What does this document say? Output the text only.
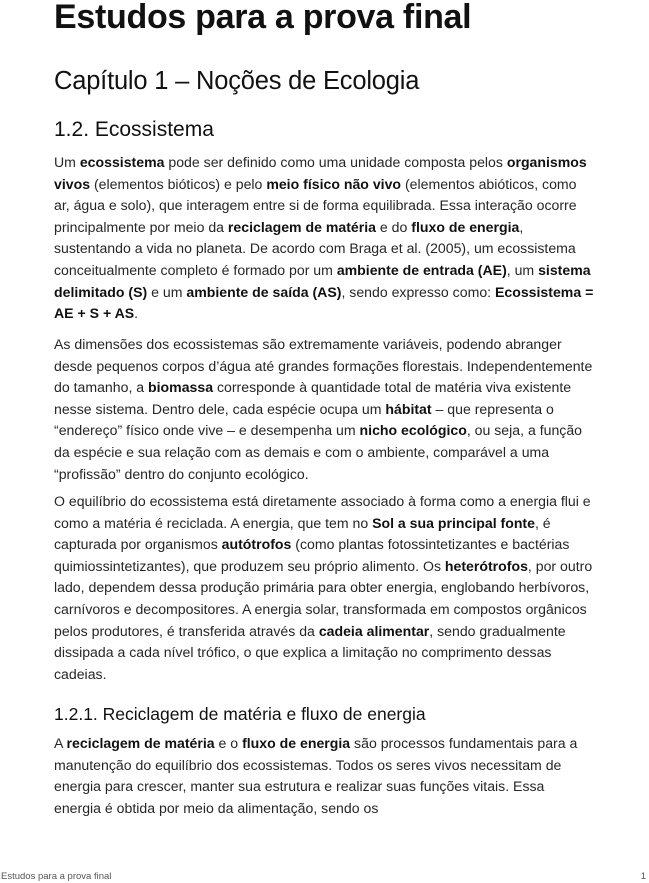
Estudos para a prova final
Capítulo 1 – Noções de Ecologia
1.2. Ecossistema

Um ecossistema pode ser definido como uma unidade composta pelos organismos vivos (elementos bióticos) e pelo meio físico não vivo (elementos abióticos, como ar, água e solo), que interagem entre si de forma equilibrada. Essa interação ocorre principalmente por meio da reciclagem de matéria e do fluxo de energia, sustentando a vida no planeta. De acordo com Braga et al. (2005), um ecossistema conceitualmente completo é formado por um ambiente de entrada (AE), um sistema delimitado (S) e um ambiente de saída (AS), sendo expresso como: Ecossistema = AE + S + AS.

As dimensões dos ecossistemas são extremamente variáveis, podendo abranger desde pequenos corpos d’água até grandes formações florestais. Independentemente do tamanho, a biomassa corresponde à quantidade total de matéria viva existente nesse sistema. Dentro dele, cada espécie ocupa um hábitat – que representa o “endereço” físico onde vive – e desempenha um nicho ecológico, ou seja, a função da espécie e sua relação com as demais e com o ambiente, comparável a uma “profissão” dentro do conjunto ecológico.

O equilíbrio do ecossistema está diretamente associado à forma como a energia flui e como a matéria é reciclada. A energia, que tem no Sol a sua principal fonte, é capturada por organismos autótrofos (como plantas fotossintetizantes e bactérias quimiossintetizantes), que produzem seu próprio alimento. Os heterótrofos, por outro lado, dependem dessa produção primária para obter energia, englobando herbívoros, carnívoros e decompositores. A energia solar, transformada em compostos orgânicos pelos produtores, é transferida através da cadeia alimentar, sendo gradualmente dissipada a cada nível trófico, o que explica a limitação no comprimento dessas cadeias.

1.2.1. Reciclagem de matéria e fluxo de energia

A reciclagem de matéria e o fluxo de energia são processos fundamentais para a manutenção do equilíbrio dos ecossistemas. Todos os seres vivos necessitam de energia para crescer, manter sua estrutura e realizar suas funções vitais. Essa energia é obtida por meio da alimentação, sendo os

Estudos para a prova final	1
